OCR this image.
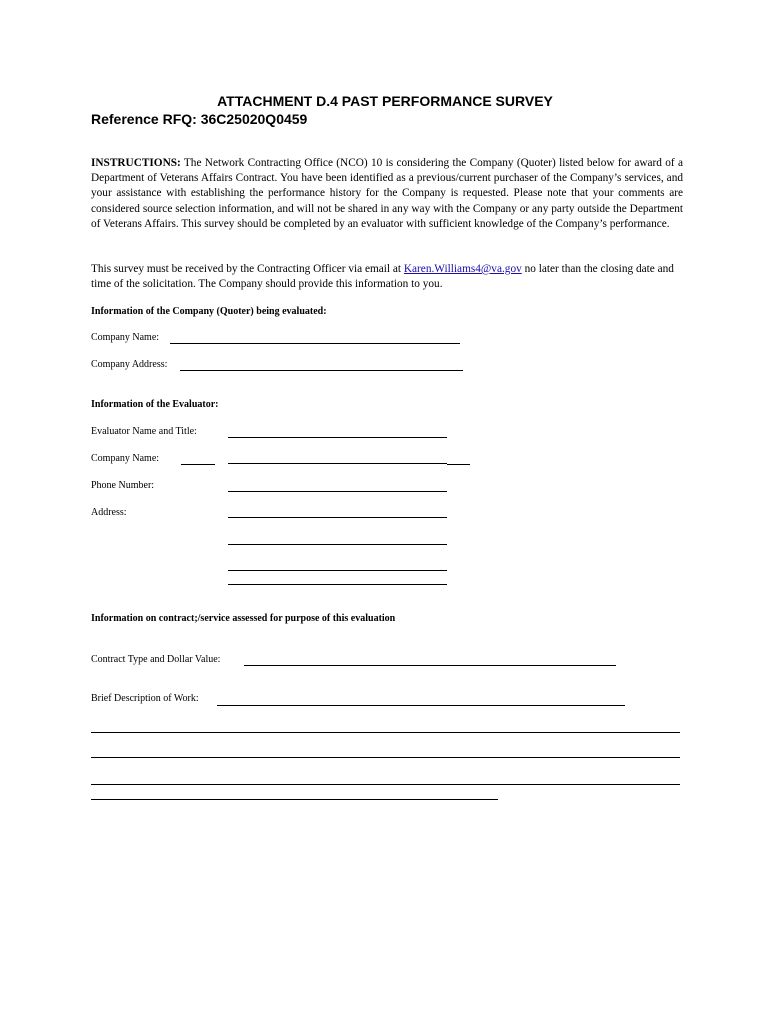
ATTACHMENT D.4 PAST PERFORMANCE SURVEY
Reference RFQ: 36C25020Q0459
INSTRUCTIONS: The Network Contracting Office (NCO) 10 is considering the Company (Quoter) listed below for award of a Department of Veterans Affairs Contract. You have been identified as a previous/current purchaser of the Company’s services, and your assistance with establishing the performance history for the Company is requested. Please note that your comments are considered source selection information, and will not be shared in any way with the Company or any party outside the Department of Veterans Affairs. This survey should be completed by an evaluator with sufficient knowledge of the Company’s performance.
This survey must be received by the Contracting Officer via email at Karen.Williams4@va.gov no later than the closing date and time of the solicitation. The Company should provide this information to you.
Information of the Company (Quoter) being evaluated:
Company Name:
Company Address:
Information of the Evaluator:
Evaluator Name and Title:
Company Name:
Phone Number:
Address:
Information on contract;/service assessed for purpose of this evaluation
Contract Type and Dollar Value:
Brief Description of Work:
